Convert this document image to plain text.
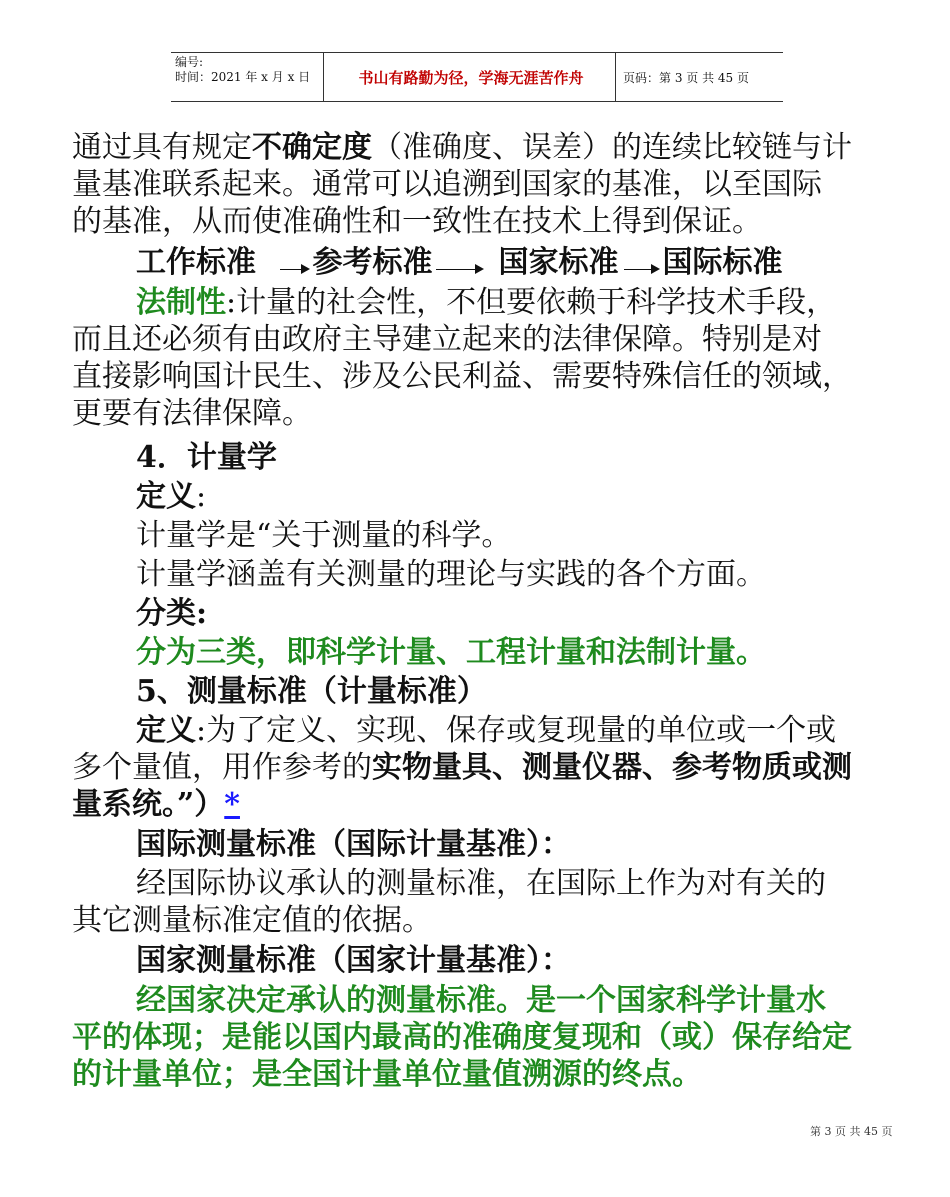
编号:
时间：2021 年 x 月 x 日	书山有路勤为径，学海无涯苦作舟	页码：第 3 页 共 45 页
通过具有规定不确定度（准确度、误差）的连续比较链与计
量基准联系起来。通常可以追溯到国家的基准，以至国际
的基准，从而使准确性和一致性在技术上得到保证。
工作标准 参考标准 国家标准 国际标准
法制性:计量的社会性，不但要依赖于科学技术手段，
而且还必须有由政府主导建立起来的法律保障。特别是对
直接影响国计民生、涉及公民利益、需要特殊信任的领域，
更要有法律保障。
4．计量学
定义:
计量学是“关于测量的科学。
计量学涵盖有关测量的理论与实践的各个方面。
分类:
分为三类，即科学计量、工程计量和法制计量。
5、测量标准（计量标准）
定义:为了定义、实现、保存或复现量的单位或一个或
多个量值，用作参考的实物量具、测量仪器、参考物质或测
量系统。”）*
国际测量标准（国际计量基准）：
经国际协议承认的测量标准，在国际上作为对有关的
其它测量标准定值的依据。
国家测量标准（国家计量基准）：
经国家决定承认的测量标准。是一个国家科学计量水
平的体现；是能以国内最高的准确度复现和（或）保存给定
的计量单位；是全国计量单位量值溯源的终点。
第 3 页 共 45 页
